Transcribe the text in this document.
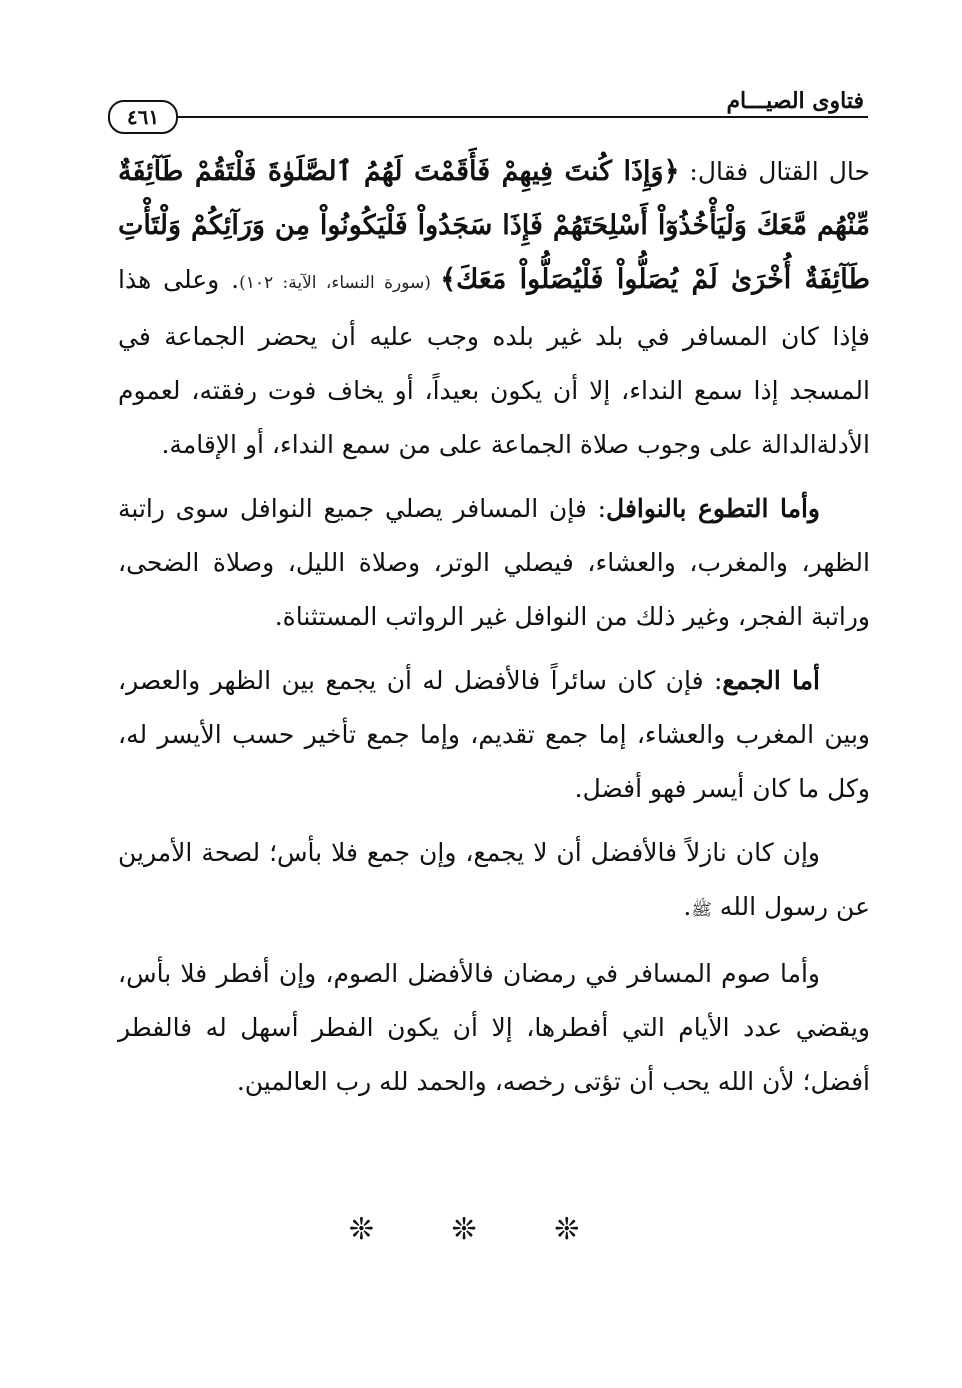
فتاوى الصيـــام
٤٦١

حال القتال فقال: ﴿وَإِذَا كُنتَ فِيهِمْ فَأَقَمْتَ لَهُمُ ٱلصَّلَوٰةَ فَلْتَقُمْ طَآئِفَةٌ مِّنْهُم مَّعَكَ وَلْيَأْخُذُوٓاْ أَسْلِحَتَهُمْ فَإِذَا سَجَدُواْ فَلْيَكُونُواْ مِن وَرَآئِكُمْ وَلْتَأْتِ طَآئِفَةٌ أُخْرَىٰ لَمْ يُصَلُّواْ فَلْيُصَلُّواْ مَعَكَ﴾ (سورة النساء، الآية: ١٠٢). وعلى هذا فإذا كان المسافر في بلد غير بلده وجب عليه أن يحضر الجماعة في المسجد إذا سمع النداء، إلا أن يكون بعيداً، أو يخاف فوت رفقته، لعموم الأدلةالدالة على وجوب صلاة الجماعة على من سمع النداء، أو الإقامة.

وأما التطوع بالنوافل: فإن المسافر يصلي جميع النوافل سوى راتبة الظهر، والمغرب، والعشاء، فيصلي الوتر، وصلاة الليل، وصلاة الضحى، وراتبة الفجر، وغير ذلك من النوافل غير الرواتب المستثناة.

أما الجمع: فإن كان سائراً فالأفضل له أن يجمع بين الظهر والعصر، وبين المغرب والعشاء، إما جمع تقديم، وإما جمع تأخير حسب الأيسر له، وكل ما كان أيسر فهو أفضل.

وإن كان نازلاً فالأفضل أن لا يجمع، وإن جمع فلا بأس؛ لصحة الأمرين عن رسول الله ﷺ.

وأما صوم المسافر في رمضان فالأفضل الصوم، وإن أفطر فلا بأس، ويقضي عدد الأيام التي أفطرها، إلا أن يكون الفطر أسهل له فالفطر أفضل؛ لأن الله يحب أن تؤتى رخصه، والحمد لله رب العالمين.

❊ ❊ ❊
